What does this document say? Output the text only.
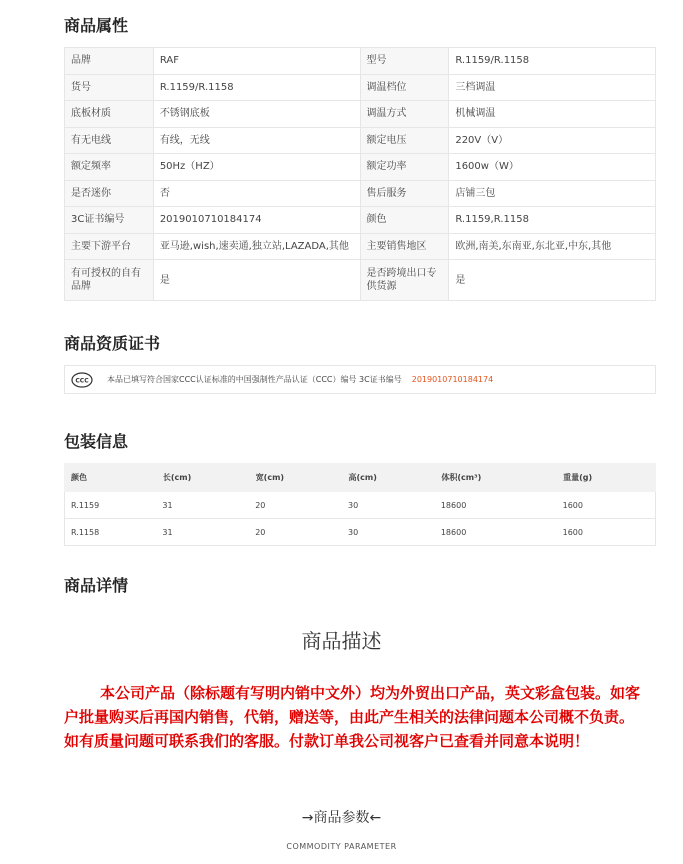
商品属性
品牌	RAF	型号	R.1159/R.1158
货号	R.1159/R.1158	调温档位	三档调温
底板材质	不锈钢底板	调温方式	机械调温
有无电线	有线，无线	额定电压	220V（V）
额定频率	50Hz（HZ）	额定功率	1600w（W）
是否迷你	否	售后服务	店铺三包
3C证书编号	2019010710184174	颜色	R.1159,R.1158
主要下游平台	亚马逊,wish,速卖通,独立站,LAZADA,其他	主要销售地区	欧洲,南美,东南亚,东北亚,中东,其他
有可授权的自有品牌	是	是否跨境出口专供货源	是
商品资质证书
CCC 本品已填写符合国家CCC认证标准的中国强制性产品认证（CCC）编号 3C证书编号 2019010710184174
包装信息
颜色	长(cm)	宽(cm)	高(cm)	体积(cm³)	重量(g)
R.1159	31	20	30	18600	1600
R.1158	31	20	30	18600	1600
商品详情
商品描述
本公司产品（除标题有写明内销中文外）均为外贸出口产品，英文彩盒包装。如客户批量购买后再国内销售，代销，赠送等，由此产生相关的法律问题本公司概不负责。如有质量问题可联系我们的客服。付款订单我公司视客户已查看并同意本说明！
→商品参数←
COMMODITY PARAMETER
